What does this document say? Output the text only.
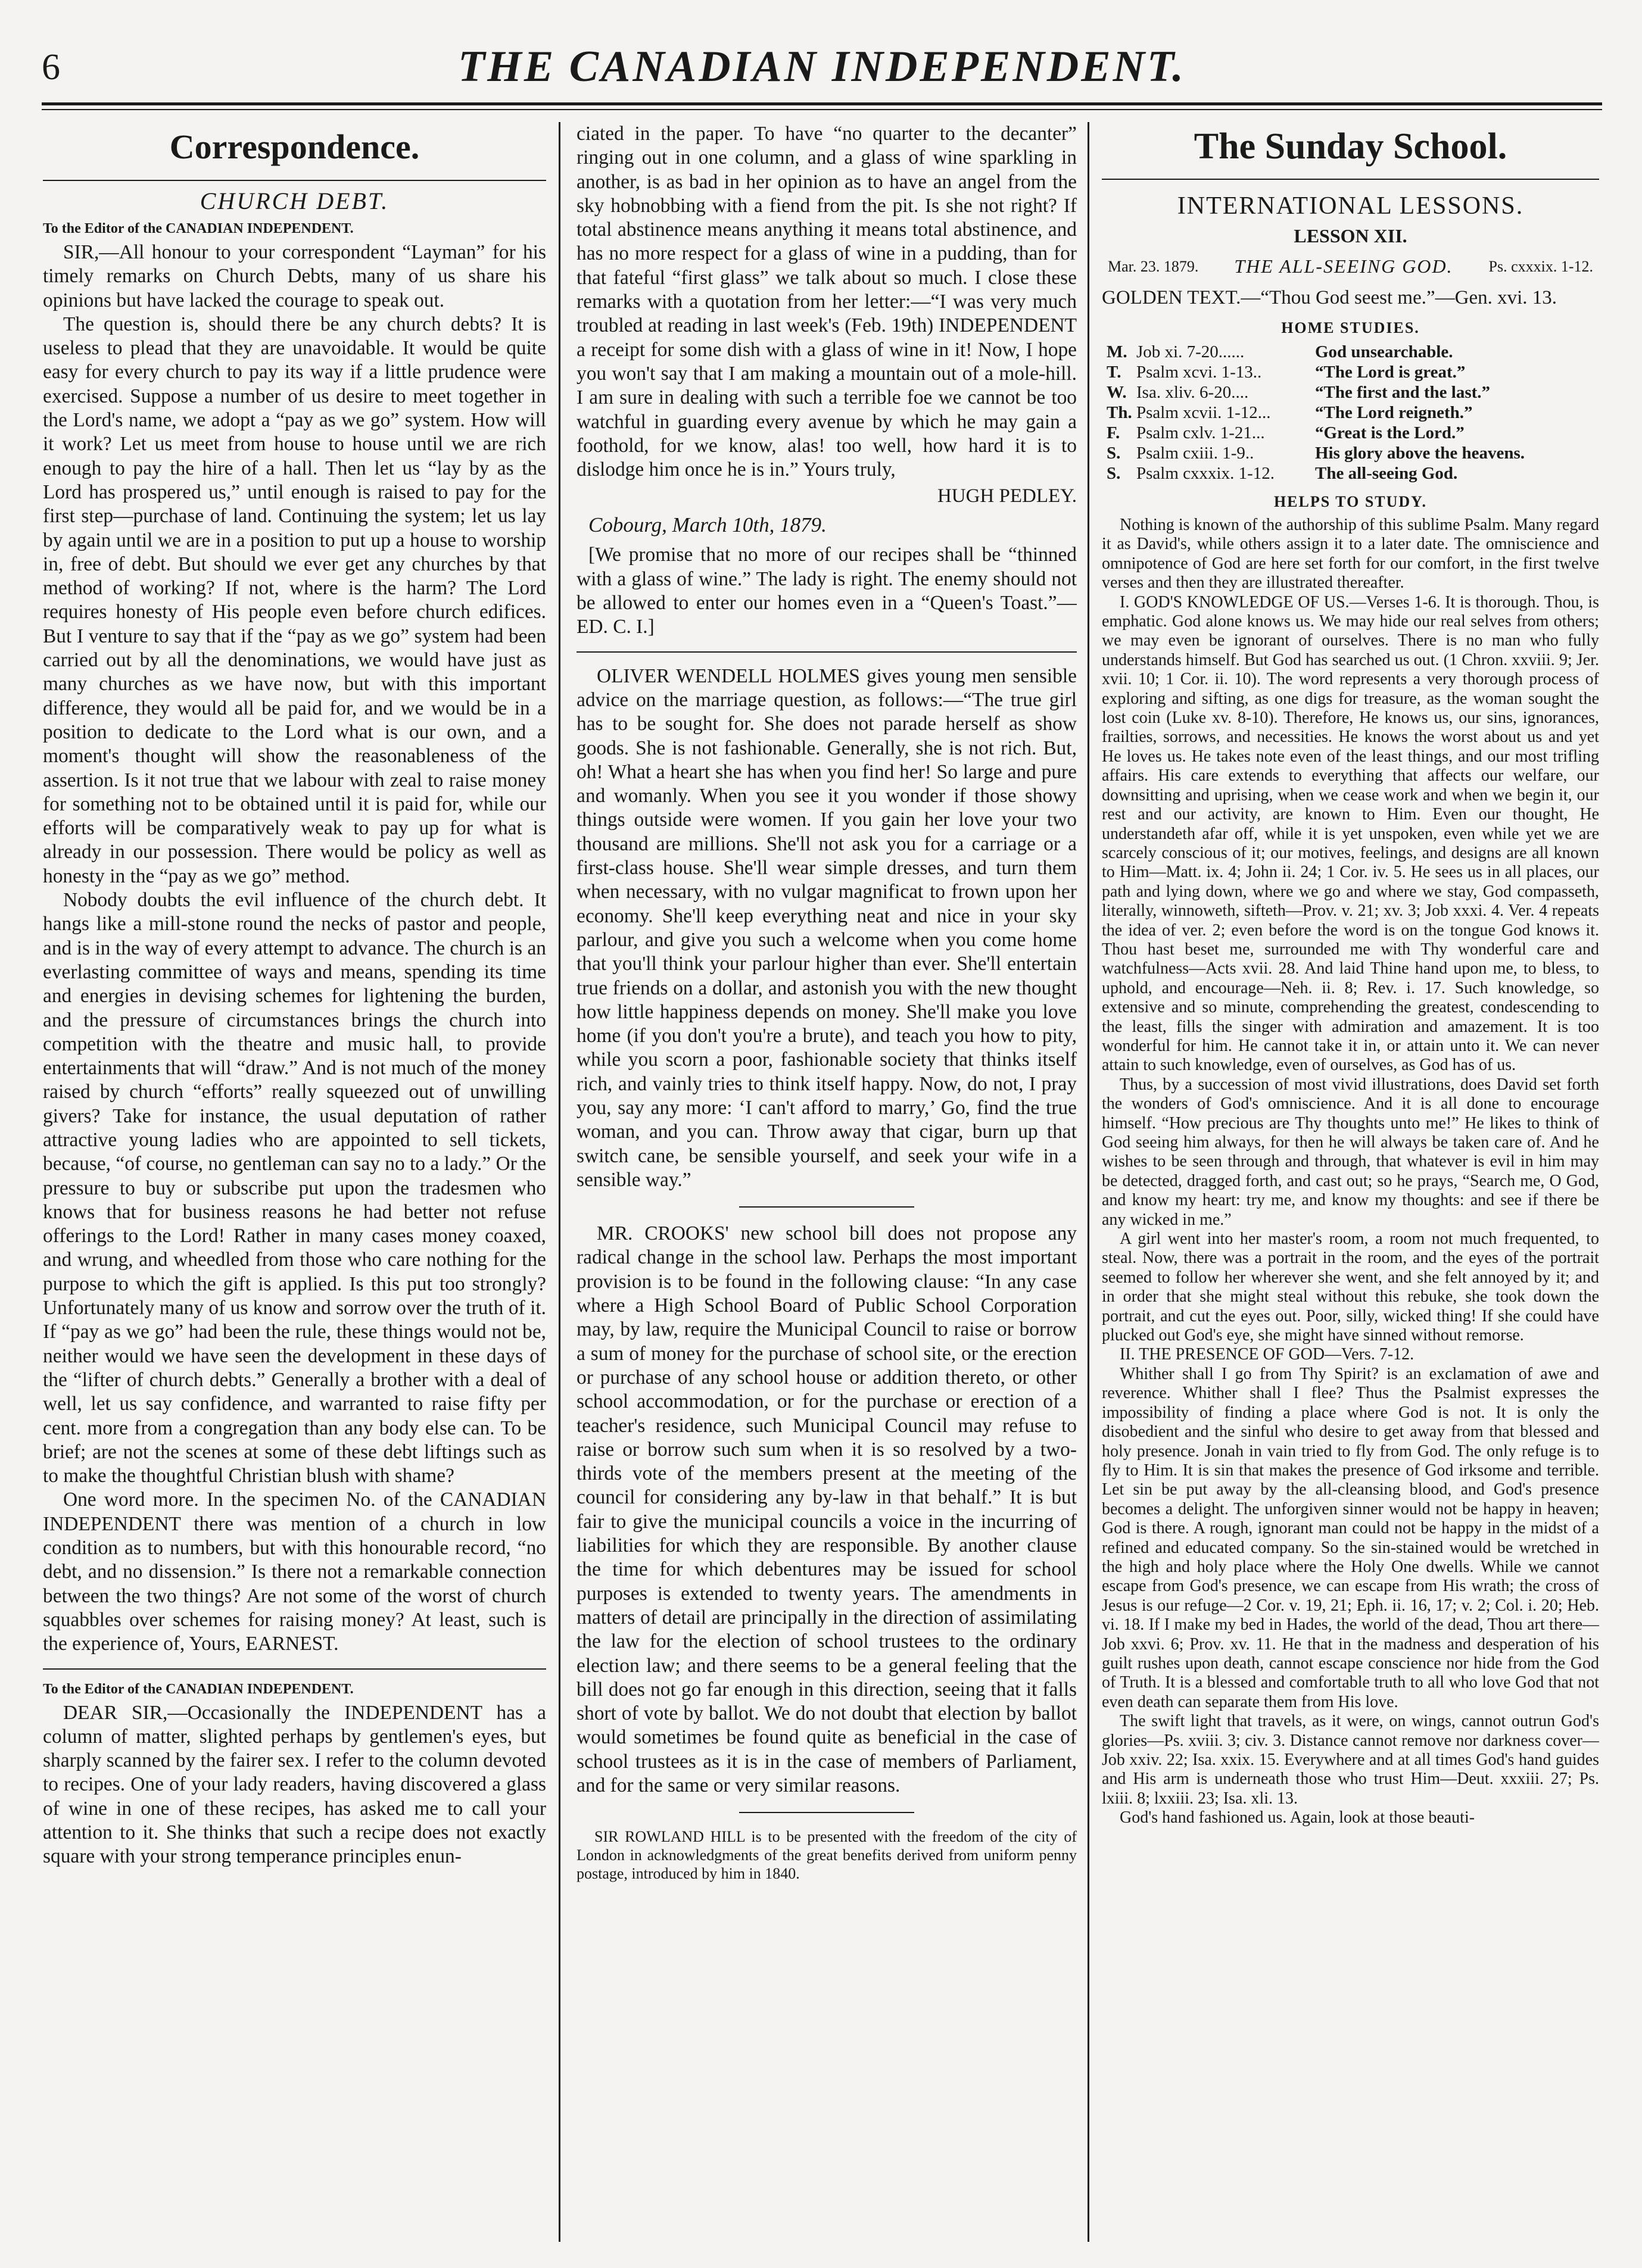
6	THE CANADIAN INDEPENDENT.
Correspondence.
CHURCH DEBT.
To the Editor of the CANADIAN INDEPENDENT.

SIR,—All honour to your correspondent “Layman” for his timely remarks on Church Debts, many of us share his opinions but have lacked the courage to speak out.

The question is, should there be any church debts? It is useless to plead that they are unavoidable. It would be quite easy for every church to pay its way if a little prudence were exercised. Suppose a number of us desire to meet together in the Lord's name, we adopt a “pay as we go” system. How will it work? Let us meet from house to house until we are rich enough to pay the hire of a hall. Then let us “lay by as the Lord has prospered us,” until enough is raised to pay for the first step—purchase of land. Continuing the system; let us lay by again until we are in a position to put up a house to worship in, free of debt. But should we ever get any churches by that method of working? If not, where is the harm? The Lord requires honesty of His people even before church edifices. But I venture to say that if the “pay as we go” system had been carried out by all the denominations, we would have just as many churches as we have now, but with this important difference, they would all be paid for, and we would be in a position to dedicate to the Lord what is our own, and a moment's thought will show the reasonableness of the assertion. Is it not true that we labour with zeal to raise money for something not to be obtained until it is paid for, while our efforts will be comparatively weak to pay up for what is already in our possession. There would be policy as well as honesty in the “pay as we go” method.

Nobody doubts the evil influence of the church debt. It hangs like a mill-stone round the necks of pastor and people, and is in the way of every attempt to advance. The church is an everlasting committee of ways and means, spending its time and energies in devising schemes for lightening the burden, and the pressure of circumstances brings the church into competition with the theatre and music hall, to provide entertainments that will “draw.” And is not much of the money raised by church “efforts” really squeezed out of unwilling givers? Take for instance, the usual deputation of rather attractive young ladies who are appointed to sell tickets, because, “of course, no gentleman can say no to a lady.” Or the pressure to buy or subscribe put upon the tradesmen who knows that for business reasons he had better not refuse offerings to the Lord! Rather in many cases money coaxed, and wrung, and wheedled from those who care nothing for the purpose to which the gift is applied. Is this put too strongly? Unfortunately many of us know and sorrow over the truth of it. If “pay as we go” had been the rule, these things would not be, neither would we have seen the development in these days of the “lifter of church debts.” Generally a brother with a deal of well, let us say confidence, and warranted to raise fifty per cent. more from a congregation than any body else can. To be brief; are not the scenes at some of these debt liftings such as to make the thoughtful Christian blush with shame?

One word more. In the specimen No. of the CANADIAN INDEPENDENT there was mention of a church in low condition as to numbers, but with this honourable record, “no debt, and no dissension.” Is there not a remarkable connection between the two things? Are not some of the worst of church squabbles over schemes for raising money? At least, such is the experience of, Yours, EARNEST.

To the Editor of the CANADIAN INDEPENDENT.

DEAR SIR,—Occasionally the INDEPENDENT has a column of matter, slighted perhaps by gentlemen's eyes, but sharply scanned by the fairer sex. I refer to the column devoted to recipes. One of your lady readers, having discovered a glass of wine in one of these recipes, has asked me to call your attention to it. She thinks that such a recipe does not exactly square with your strong temperance principles enun-

ciated in the paper. To have “no quarter to the decanter” ringing out in one column, and a glass of wine sparkling in another, is as bad in her opinion as to have an angel from the sky hobnobbing with a fiend from the pit. Is she not right? If total abstinence means anything it means total abstinence, and has no more respect for a glass of wine in a pudding, than for that fateful “first glass” we talk about so much. I close these remarks with a quotation from her letter:—“I was very much troubled at reading in last week's (Feb. 19th) INDEPENDENT a receipt for some dish with a glass of wine in it! Now, I hope you won't say that I am making a mountain out of a mole-hill. I am sure in dealing with such a terrible foe we cannot be too watchful in guarding every avenue by which he may gain a foothold, for we know, alas! too well, how hard it is to dislodge him once he is in.” Yours truly,

HUGH PEDLEY.
Cobourg, March 10th, 1879.

[We promise that no more of our recipes shall be “thinned with a glass of wine.” The lady is right. The enemy should not be allowed to enter our homes even in a “Queen's Toast.”—ED. C. I.]

OLIVER WENDELL HOLMES gives young men sensible advice on the marriage question, as follows:—“The true girl has to be sought for. She does not parade herself as show goods. She is not fashionable. Generally, she is not rich. But, oh! What a heart she has when you find her! So large and pure and womanly. When you see it you wonder if those showy things outside were women. If you gain her love your two thousand are millions. She'll not ask you for a carriage or a first-class house. She'll wear simple dresses, and turn them when necessary, with no vulgar magnificat to frown upon her economy. She'll keep everything neat and nice in your sky parlour, and give you such a welcome when you come home that you'll think your parlour higher than ever. She'll entertain true friends on a dollar, and astonish you with the new thought how little happiness depends on money. She'll make you love home (if you don't you're a brute), and teach you how to pity, while you scorn a poor, fashionable society that thinks itself rich, and vainly tries to think itself happy. Now, do not, I pray you, say any more: ‘I can't afford to marry,’ Go, find the true woman, and you can. Throw away that cigar, burn up that switch cane, be sensible yourself, and seek your wife in a sensible way.”

MR. CROOKS' new school bill does not propose any radical change in the school law. Perhaps the most important provision is to be found in the following clause: “In any case where a High School Board of Public School Corporation may, by law, require the Municipal Council to raise or borrow a sum of money for the purchase of school site, or the erection or purchase of any school house or addition thereto, or other school accommodation, or for the purchase or erection of a teacher's residence, such Municipal Council may refuse to raise or borrow such sum when it is so resolved by a two-thirds vote of the members present at the meeting of the council for considering any by-law in that behalf.” It is but fair to give the municipal councils a voice in the incurring of liabilities for which they are responsible. By another clause the time for which debentures may be issued for school purposes is extended to twenty years. The amendments in matters of detail are principally in the direction of assimilating the law for the election of school trustees to the ordinary election law; and there seems to be a general feeling that the bill does not go far enough in this direction, seeing that it falls short of vote by ballot. We do not doubt that election by ballot would sometimes be found quite as beneficial in the case of school trustees as it is in the case of members of Parliament, and for the same or very similar reasons.

SIR ROWLAND HILL is to be presented with the freedom of the city of London in acknowledgments of the great benefits derived from uniform penny postage, introduced by him in 1840.

The Sunday School.
INTERNATIONAL LESSONS.
LESSON XII.
Mar. 23. 1879. THE ALL-SEEING GOD. Ps. cxxxix. 1-12.

GOLDEN TEXT.—“Thou God seest me.”—Gen. xvi. 13.

HOME STUDIES.
M. Job xi. 7-20......	God unsearchable.
T. Psalm xcvi. 1-13..	“The Lord is great.”
W. Isa. xliv. 6-20....	“The first and the last.”
Th. Psalm xcvii. 1-12...	“The Lord reigneth.”
F. Psalm cxlv. 1-21...	“Great is the Lord.”
S. Psalm cxiii. 1-9..	His glory above the heavens.
S. Psalm cxxxix. 1-12.	The all-seeing God.
HELPS TO STUDY.

Nothing is known of the authorship of this sublime Psalm. Many regard it as David's, while others assign it to a later date. The omniscience and omnipotence of God are here set forth for our comfort, in the first twelve verses and then they are illustrated thereafter.

I. GOD'S KNOWLEDGE OF US.—Verses 1-6. It is thorough. Thou, is emphatic. God alone knows us. We may hide our real selves from others; we may even be ignorant of ourselves. There is no man who fully understands himself. But God has searched us out. (1 Chron. xxviii. 9; Jer. xvii. 10; 1 Cor. ii. 10). The word represents a very thorough process of exploring and sifting, as one digs for treasure, as the woman sought the lost coin (Luke xv. 8-10). Therefore, He knows us, our sins, ignorances, frailties, sorrows, and necessities. He knows the worst about us and yet He loves us. He takes note even of the least things, and our most trifling affairs. His care extends to everything that affects our welfare, our downsitting and uprising, when we cease work and when we begin it, our rest and our activity, are known to Him. Even our thought, He understandeth afar off, while it is yet unspoken, even while yet we are scarcely conscious of it; our motives, feelings, and designs are all known to Him—Matt. ix. 4; John ii. 24; 1 Cor. iv. 5. He sees us in all places, our path and lying down, where we go and where we stay, God compasseth, literally, winnoweth, sifteth—Prov. v. 21; xv. 3; Job xxxi. 4. Ver. 4 repeats the idea of ver. 2; even before the word is on the tongue God knows it. Thou hast beset me, surrounded me with Thy wonderful care and watchfulness—Acts xvii. 28. And laid Thine hand upon me, to bless, to uphold, and encourage—Neh. ii. 8; Rev. i. 17. Such knowledge, so extensive and so minute, comprehending the greatest, condescending to the least, fills the singer with admiration and amazement. It is too wonderful for him. He cannot take it in, or attain unto it. We can never attain to such knowledge, even of ourselves, as God has of us.

Thus, by a succession of most vivid illustrations, does David set forth the wonders of God's omniscience. And it is all done to encourage himself. “How precious are Thy thoughts unto me!” He likes to think of God seeing him always, for then he will always be taken care of. And he wishes to be seen through and through, that whatever is evil in him may be detected, dragged forth, and cast out; so he prays, “Search me, O God, and know my heart: try me, and know my thoughts: and see if there be any wicked in me.”

A girl went into her master's room, a room not much frequented, to steal. Now, there was a portrait in the room, and the eyes of the portrait seemed to follow her wherever she went, and she felt annoyed by it; and in order that she might steal without this rebuke, she took down the portrait, and cut the eyes out. Poor, silly, wicked thing! If she could have plucked out God's eye, she might have sinned without remorse.

II. THE PRESENCE OF GOD—Vers. 7-12.

Whither shall I go from Thy Spirit? is an exclamation of awe and reverence. Whither shall I flee? Thus the Psalmist expresses the impossibility of finding a place where God is not. It is only the disobedient and the sinful who desire to get away from that blessed and holy presence. Jonah in vain tried to fly from God. The only refuge is to fly to Him. It is sin that makes the presence of God irksome and terrible. Let sin be put away by the all-cleansing blood, and God's presence becomes a delight. The unforgiven sinner would not be happy in heaven; God is there. A rough, ignorant man could not be happy in the midst of a refined and educated company. So the sin-stained would be wretched in the high and holy place where the Holy One dwells. While we cannot escape from God's presence, we can escape from His wrath; the cross of Jesus is our refuge—2 Cor. v. 19, 21; Eph. ii. 16, 17; v. 2; Col. i. 20; Heb. vi. 18. If I make my bed in Hades, the world of the dead, Thou art there—Job xxvi. 6; Prov. xv. 11. He that in the madness and desperation of his guilt rushes upon death, cannot escape conscience nor hide from the God of Truth. It is a blessed and comfortable truth to all who love God that not even death can separate them from His love.

The swift light that travels, as it were, on wings, cannot outrun God's glories—Ps. xviii. 3; civ. 3. Distance cannot remove nor darkness cover—Job xxiv. 22; Isa. xxix. 15. Everywhere and at all times God's hand guides and His arm is underneath those who trust Him—Deut. xxxiii. 27; Ps. lxiii. 8; lxxiii. 23; Isa. xli. 13.

God's hand fashioned us. Again, look at those beauti-
